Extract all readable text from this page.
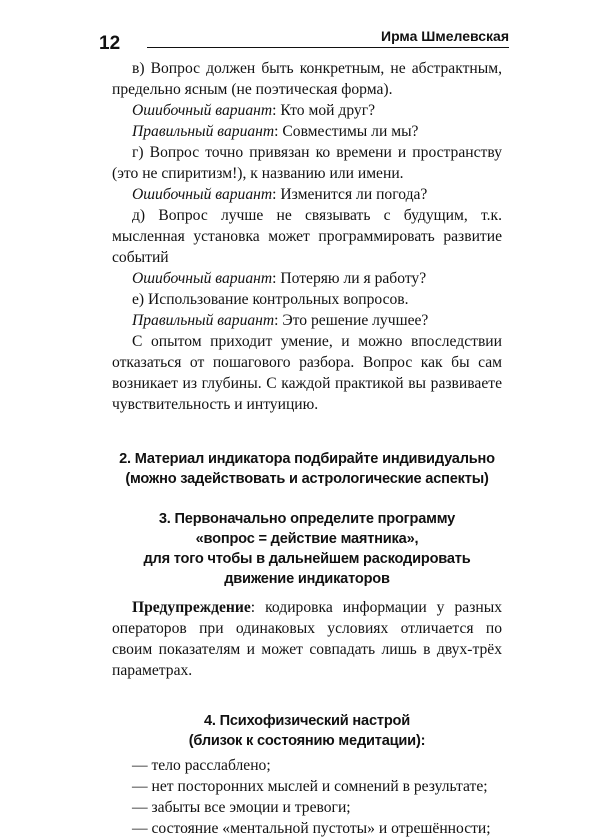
12	Ирма Шмелевская

в) Вопрос должен быть конкретным, не абстрактным, предельно ясным (не поэтическая форма).

Ошибочный вариант: Кто мой друг?

Правильный вариант: Совместимы ли мы?

г) Вопрос точно привязан ко времени и пространству (это не спиритизм!), к названию или имени.

Ошибочный вариант: Изменится ли погода?

д) Вопрос лучше не связывать с будущим, т.к. мысленная установка может программировать развитие событий

Ошибочный вариант: Потеряю ли я работу?

е) Использование контрольных вопросов.

Правильный вариант: Это решение лучшее?

С опытом приходит умение, и можно впоследствии отказаться от пошагового разбора. Вопрос как бы сам возникает из глубины. С каждой практикой вы развиваете чувствительность и интуицию.

2. Материал индикатора подбирайте индивидуально
(можно задействовать и астрологические аспекты)
3. Первоначально определите программу
«вопрос = действие маятника»,
для того чтобы в дальнейшем раскодировать
движение индикаторов

Предупреждение: кодировка информации у разных операторов при одинаковых условиях отличается по своим показателям и может совпадать лишь в двух-трёх параметрах.

4. Психофизический настрой
(близок к состоянию медитации):
— тело расслаблено;
— нет посторонних мыслей и сомнений в результате;
— забыты все эмоции и тревоги;
— состояние «ментальной пустоты» и отрешённости;
